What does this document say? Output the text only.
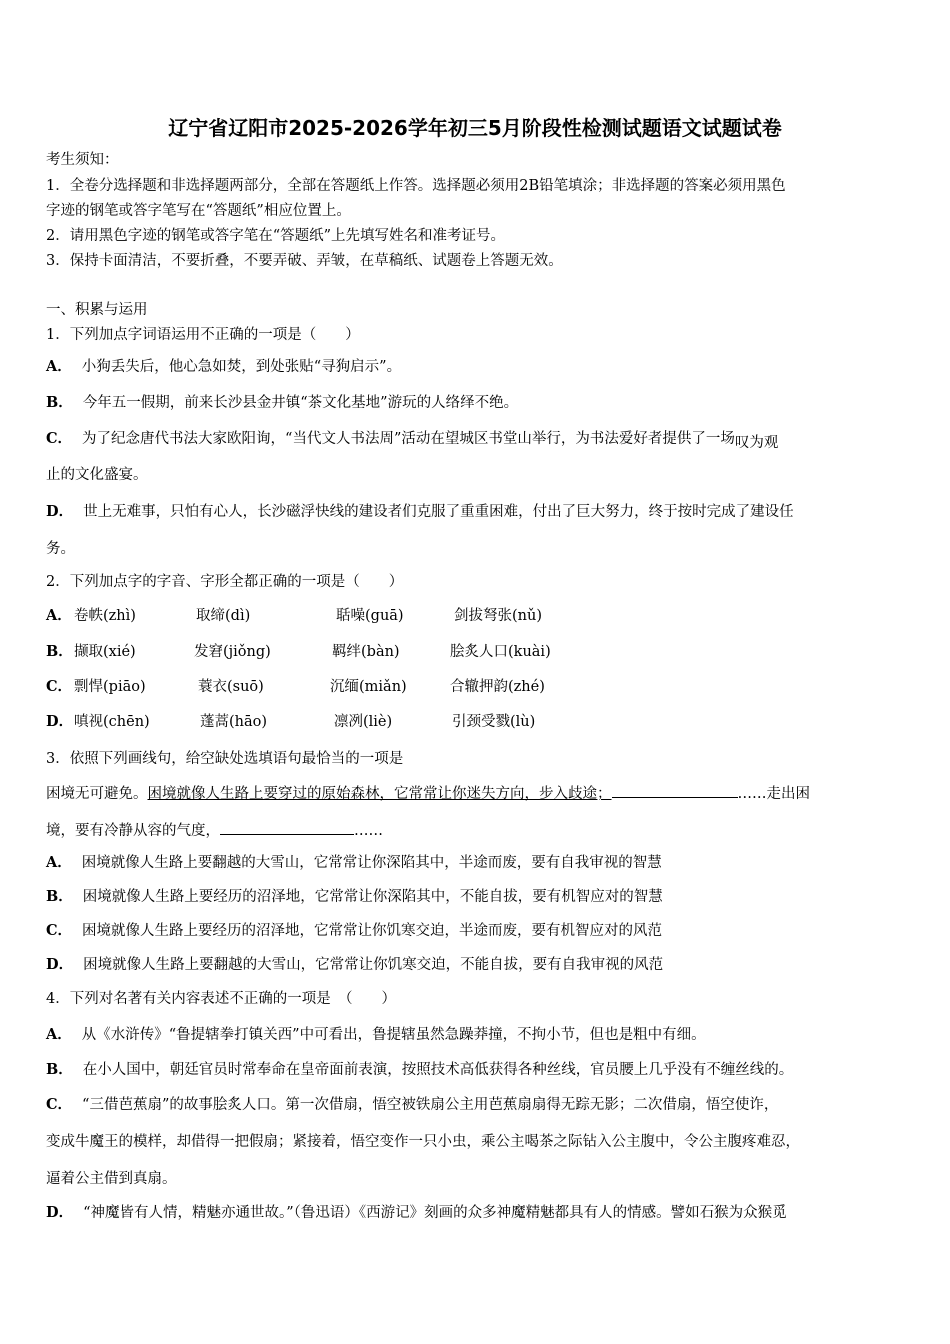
辽宁省辽阳市2025-2026学年初三5月阶段性检测试题语文试题试卷
考生须知：
1．全卷分选择题和非选择题两部分，全部在答题纸上作答。选择题必须用2B铅笔填涂；非选择题的答案必须用黑色
字迹的钢笔或答字笔写在“答题纸”相应位置上。
2．请用黑色字迹的钢笔或答字笔在“答题纸”上先填写姓名和准考证号。
3．保持卡面清洁，不要折叠，不要弄破、弄皱，在草稿纸、试题卷上答题无效。
一、积累与运用
1．下列加点字词语运用不正确的一项是（　　）
A． 小狗丢失后，他心急如焚，到处张贴“寻狗启示”。
B． 今年五一假期，前来长沙县金井镇“茶文化基地”游玩的人络绎不绝。
C． 为了纪念唐代书法大家欧阳询，“当代文人书法周”活动在望城区书堂山举行，为书法爱好者提供了一场叹为观
止的文化盛宴。
D． 世上无难事，只怕有心人，长沙磁浮快线的建设者们克服了重重困难，付出了巨大努力，终于按时完成了建设任
务。
2．下列加点字的字音、字形全都正确的一项是（　　）
A． 卷帙(zhì)	取缔(dì)	聒噪(guā)	剑拔弩张(nǔ)
B． 撷取(xié)	发窘(jiǒng)	羁绊(bàn)	脍炙人口(kuài)
C． 剽悍(piāo)	蓑衣(suō)	沉缅(miǎn)	合辙押韵(zhé)
D． 嗔视(chēn)	蓬蒿(hāo)	凛冽(liè)	引颈受戮(lù)
3．依照下列画线句，给空缺处选填语句最恰当的一项是
困境无可避免。困境就像人生路上要穿过的原始森林，它常常让你迷失方向，步入歧途；	……走出困
境，要有冷静从容的气度，	……
A． 困境就像人生路上要翻越的大雪山，它常常让你深陷其中，半途而废，要有自我审视的智慧
B． 困境就像人生路上要经历的沼泽地，它常常让你深陷其中，不能自拔，要有机智应对的智慧
C． 困境就像人生路上要经历的沼泽地，它常常让你饥寒交迫，半途而废，要有机智应对的风范
D． 困境就像人生路上要翻越的大雪山，它常常让你饥寒交迫，不能自拔，要有自我审视的风范
4．下列对名著有关内容表述不正确的一项是　（　　）
A． 从《水浒传》“鲁提辖拳打镇关西”中可看出，鲁提辖虽然急躁莽撞，不拘小节，但也是粗中有细。
B． 在小人国中，朝廷官员时常奉命在皇帝面前表演，按照技术高低获得各种丝线，官员腰上几乎没有不缠丝线的。
C． “三借芭蕉扇”的故事脍炙人口。第一次借扇，悟空被铁扇公主用芭蕉扇扇得无踪无影；二次借扇，悟空使诈，
变成牛魔王的模样，却借得一把假扇；紧接着，悟空变作一只小虫，乘公主喝茶之际钻入公主腹中，令公主腹疼难忍，
逼着公主借到真扇。
D． “神魔皆有人情，精魅亦通世故。”（鲁迅语）《西游记》刻画的众多神魔精魅都具有人的情感。譬如石猴为众猴觅
